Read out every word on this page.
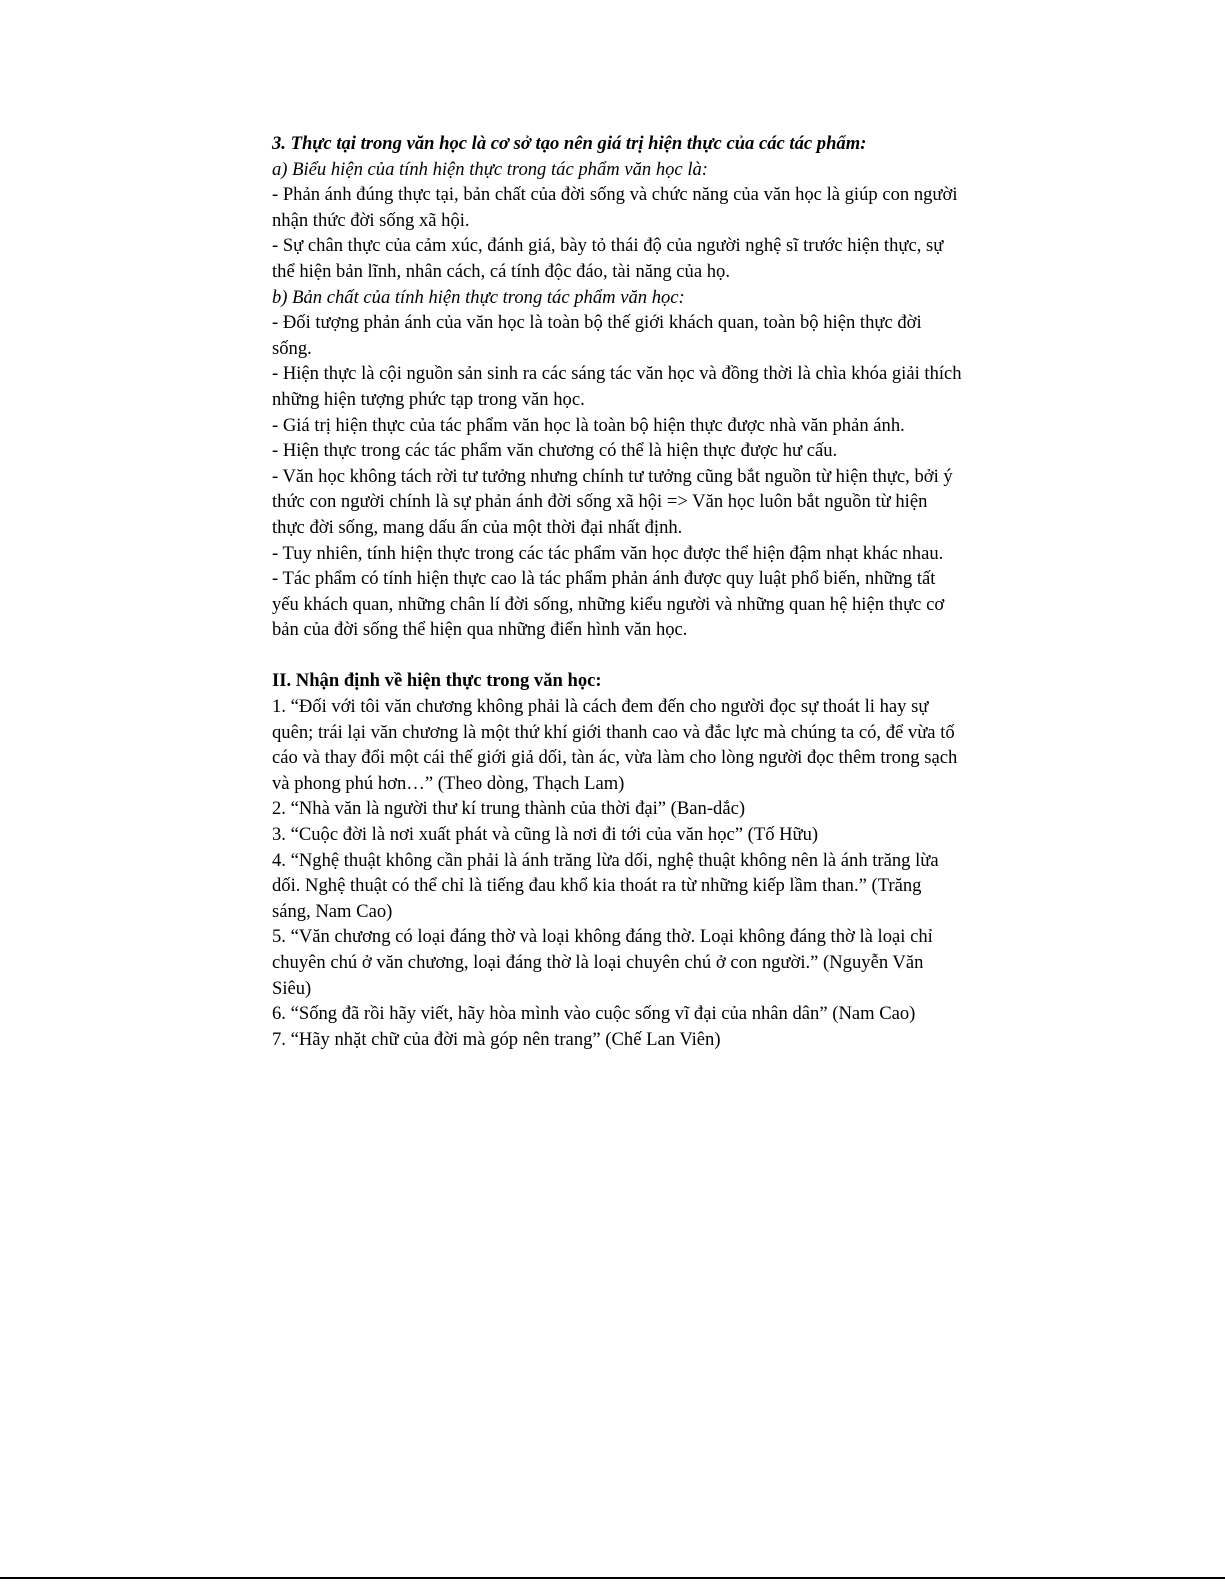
3. Thực tại trong văn học là cơ sở tạo nên giá trị hiện thực của các tác phẩm:

a) Biểu hiện của tính hiện thực trong tác phẩm văn học là:

- Phản ánh đúng thực tại, bản chất của đời sống và chức năng của văn học là giúp con người nhận thức đời sống xã hội.

- Sự chân thực của cảm xúc, đánh giá, bày tỏ thái độ của người nghệ sĩ trước hiện thực, sự thể hiện bản lĩnh, nhân cách, cá tính độc đáo, tài năng của họ.

b) Bản chất của tính hiện thực trong tác phẩm văn học:

- Đối tượng phản ánh của văn học là toàn bộ thế giới khách quan, toàn bộ hiện thực đời sống.

- Hiện thực là cội nguồn sản sinh ra các sáng tác văn học và đồng thời là chìa khóa giải thích những hiện tượng phức tạp trong văn học.

- Giá trị hiện thực của tác phẩm văn học là toàn bộ hiện thực được nhà văn phản ánh.

- Hiện thực trong các tác phẩm văn chương có thể là hiện thực được hư cấu.

- Văn học không tách rời tư tưởng nhưng chính tư tưởng cũng bắt nguồn từ hiện thực, bởi ý thức con người chính là sự phản ánh đời sống xã hội => Văn học luôn bắt nguồn từ hiện thực đời sống, mang dấu ấn của một thời đại nhất định.

- Tuy nhiên, tính hiện thực trong các tác phẩm văn học được thể hiện đậm nhạt khác nhau.

- Tác phẩm có tính hiện thực cao là tác phẩm phản ánh được quy luật phổ biến, những tất yếu khách quan, những chân lí đời sống, những kiểu người và những quan hệ hiện thực cơ bản của đời sống thể hiện qua những điển hình văn học.

II. Nhận định về hiện thực trong văn học:

1. “Đối với tôi văn chương không phải là cách đem đến cho người đọc sự thoát li hay sự quên; trái lại văn chương là một thứ khí giới thanh cao và đắc lực mà chúng ta có, để vừa tố cáo và thay đổi một cái thế giới giả dối, tàn ác, vừa làm cho lòng người đọc thêm trong sạch và phong phú hơn…” (Theo dòng, Thạch Lam)

2. “Nhà văn là người thư kí trung thành của thời đại” (Ban-dắc)

3. “Cuộc đời là nơi xuất phát và cũng là nơi đi tới của văn học” (Tố Hữu)

4. “Nghệ thuật không cần phải là ánh trăng lừa dối, nghệ thuật không nên là ánh trăng lừa dối. Nghệ thuật có thể chỉ là tiếng đau khổ kia thoát ra từ những kiếp lầm than.” (Trăng sáng, Nam Cao)

5. “Văn chương có loại đáng thờ và loại không đáng thờ. Loại không đáng thờ là loại chỉ chuyên chú ở văn chương, loại đáng thờ là loại chuyên chú ở con người.” (Nguyễn Văn Siêu)

6. “Sống đã rồi hãy viết, hãy hòa mình vào cuộc sống vĩ đại của nhân dân” (Nam Cao)

7. “Hãy nhặt chữ của đời mà góp nên trang” (Chế Lan Viên)
